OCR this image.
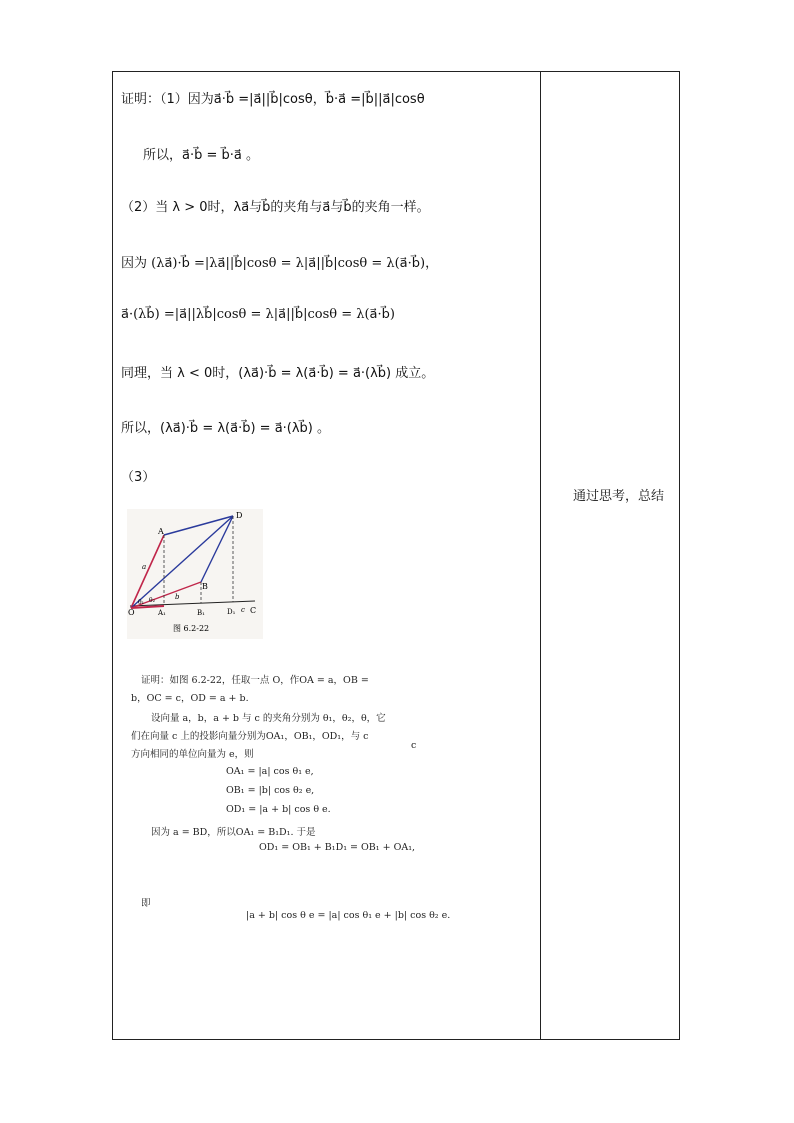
证明：（1）因为a⃗·b⃗ =|a⃗||b⃗|cosθ，b⃗·a⃗ =|b⃗||a⃗|cosθ
所以，a⃗·b⃗ = b⃗·a⃗ 。
（2）当 λ > 0时，λa⃗与b⃗的夹角与a⃗与b⃗的夹角一样。
因为 (λa⃗)·b⃗ =|λa⃗||b⃗|cosθ = λ|a⃗||b⃗|cosθ = λ(a⃗·b⃗)，
a⃗·(λb⃗) =|a⃗||λb⃗|cosθ = λ|a⃗||b⃗|cosθ = λ(a⃗·b⃗)
同理，当 λ < 0时，(λa⃗)·b⃗ = λ(a⃗·b⃗) = a⃗·(λb⃗) 成立。
所以，(λa⃗)·b⃗ = λ(a⃗·b⃗) = a⃗·(λb⃗) 。
（3）
O
A
D
B
a
b
θ₁ θ₂
A₁	B₁	D₁ c C
图 6.2-22
证明：如图 6.2-22，任取一点 O，作OA = a，OB =
b，OC = c，OD = a + b.
设向量 a，b，a + b 与 c 的夹角分别为 θ₁，θ₂，θ，它
们在向量 c 上的投影向量分别为OA₁，OB₁，OD₁，与 c
方向相同的单位向量为 e，则
OA₁ = |a| cos θ₁ e,
OB₁ = |b| cos θ₂ e,
OD₁ = |a + b| cos θ e.
因为 a = BD，所以OA₁ = B₁D₁. 于是
OD₁ = OB₁ + B₁D₁ = OB₁ + OA₁,
即
|a + b| cos θ e = |a| cos θ₁ e + |b| cos θ₂ e.
c
通过思考，总结
